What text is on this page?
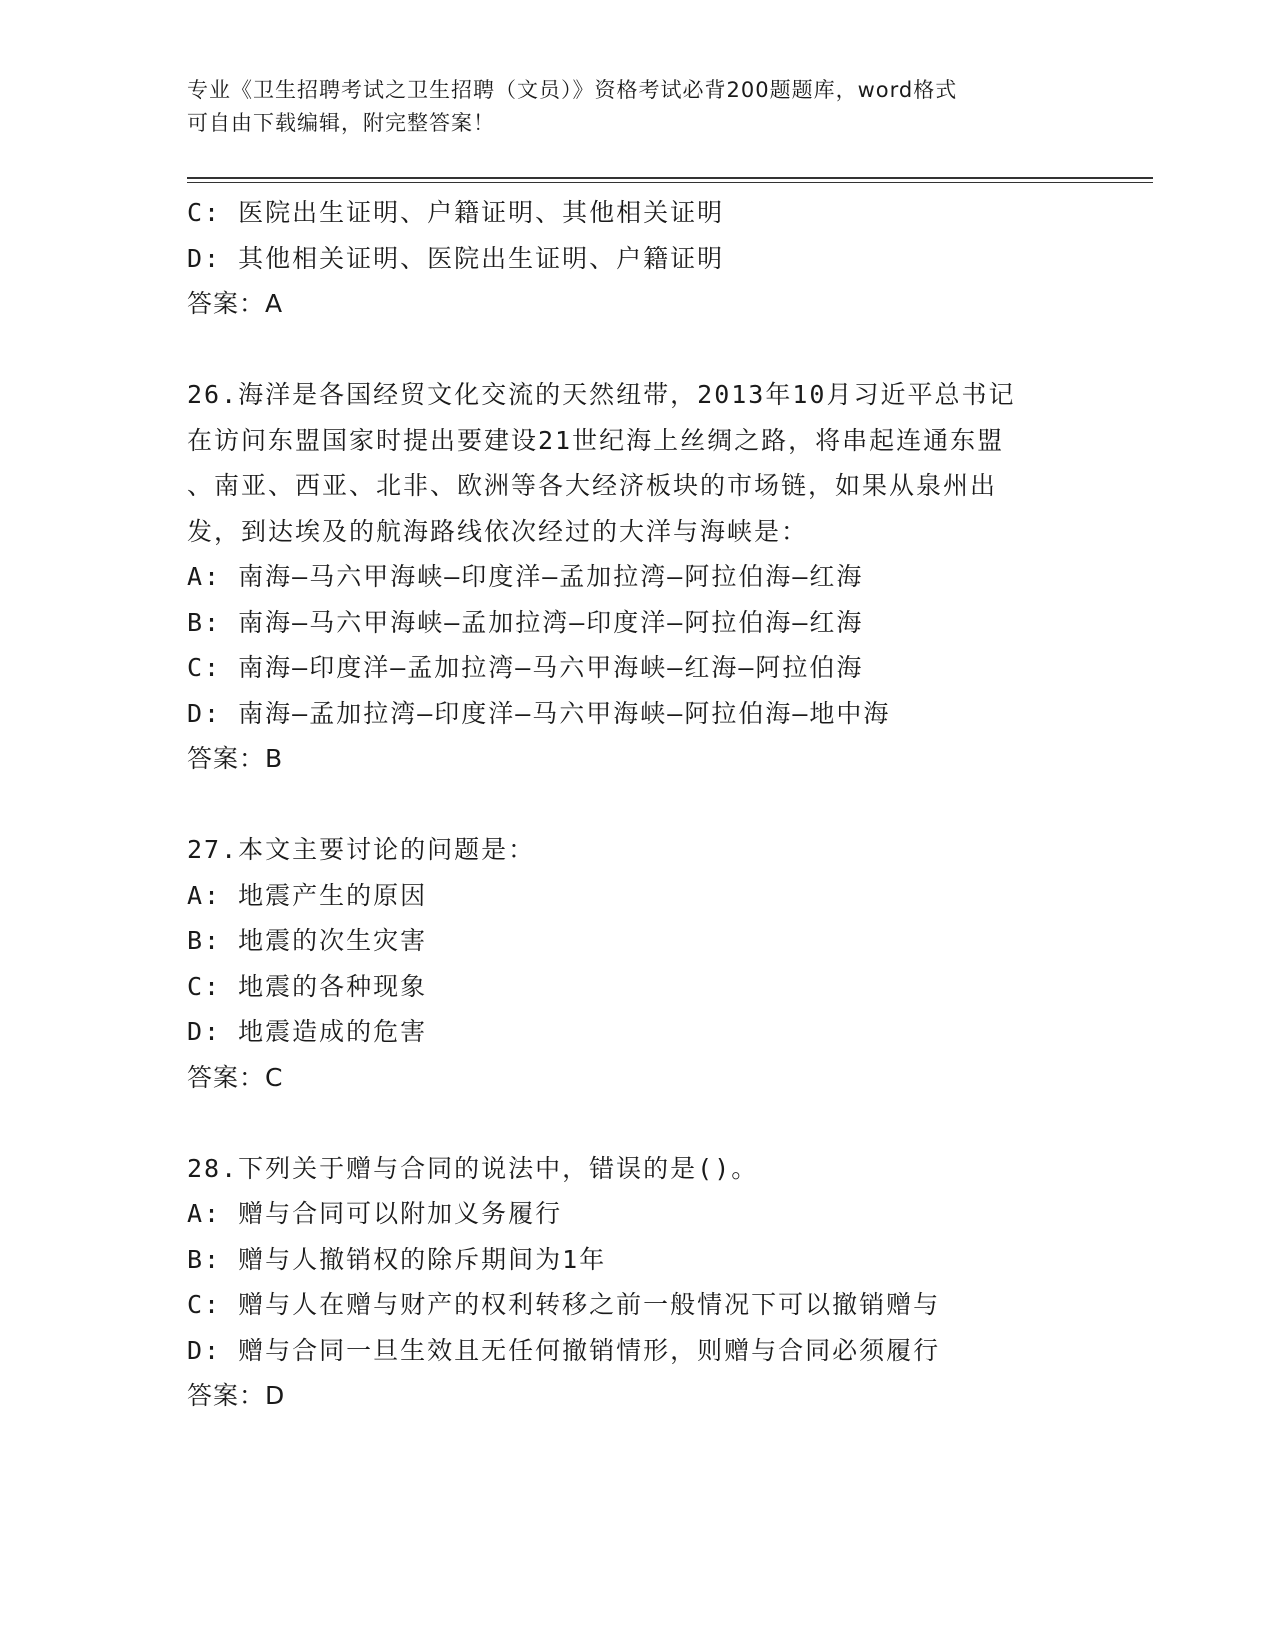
专业《卫生招聘考试之卫生招聘（文员）》资格考试必背200题题库，word格式
可自由下载编辑，附完整答案！
C: 医院出生证明、户籍证明、其他相关证明
D: 其他相关证明、医院出生证明、户籍证明
答案：A
26.海洋是各国经贸文化交流的天然纽带，2013年10月习近平总书记
在访问东盟国家时提出要建设21世纪海上丝绸之路，将串起连通东盟
、南亚、西亚、北非、欧洲等各大经济板块的市场链，如果从泉州出
发，到达埃及的航海路线依次经过的大洋与海峡是：
A: 南海—马六甲海峡—印度洋—孟加拉湾—阿拉伯海—红海
B: 南海—马六甲海峡—孟加拉湾—印度洋—阿拉伯海—红海
C: 南海—印度洋—孟加拉湾—马六甲海峡—红海—阿拉伯海
D: 南海—孟加拉湾—印度洋—马六甲海峡—阿拉伯海—地中海
答案：B
27.本文主要讨论的问题是：
A: 地震产生的原因
B: 地震的次生灾害
C: 地震的各种现象
D: 地震造成的危害
答案：C
28.下列关于赠与合同的说法中，错误的是()。
A: 赠与合同可以附加义务履行
B: 赠与人撤销权的除斥期间为1年
C: 赠与人在赠与财产的权利转移之前一般情况下可以撤销赠与
D: 赠与合同一旦生效且无任何撤销情形，则赠与合同必须履行
答案：D
